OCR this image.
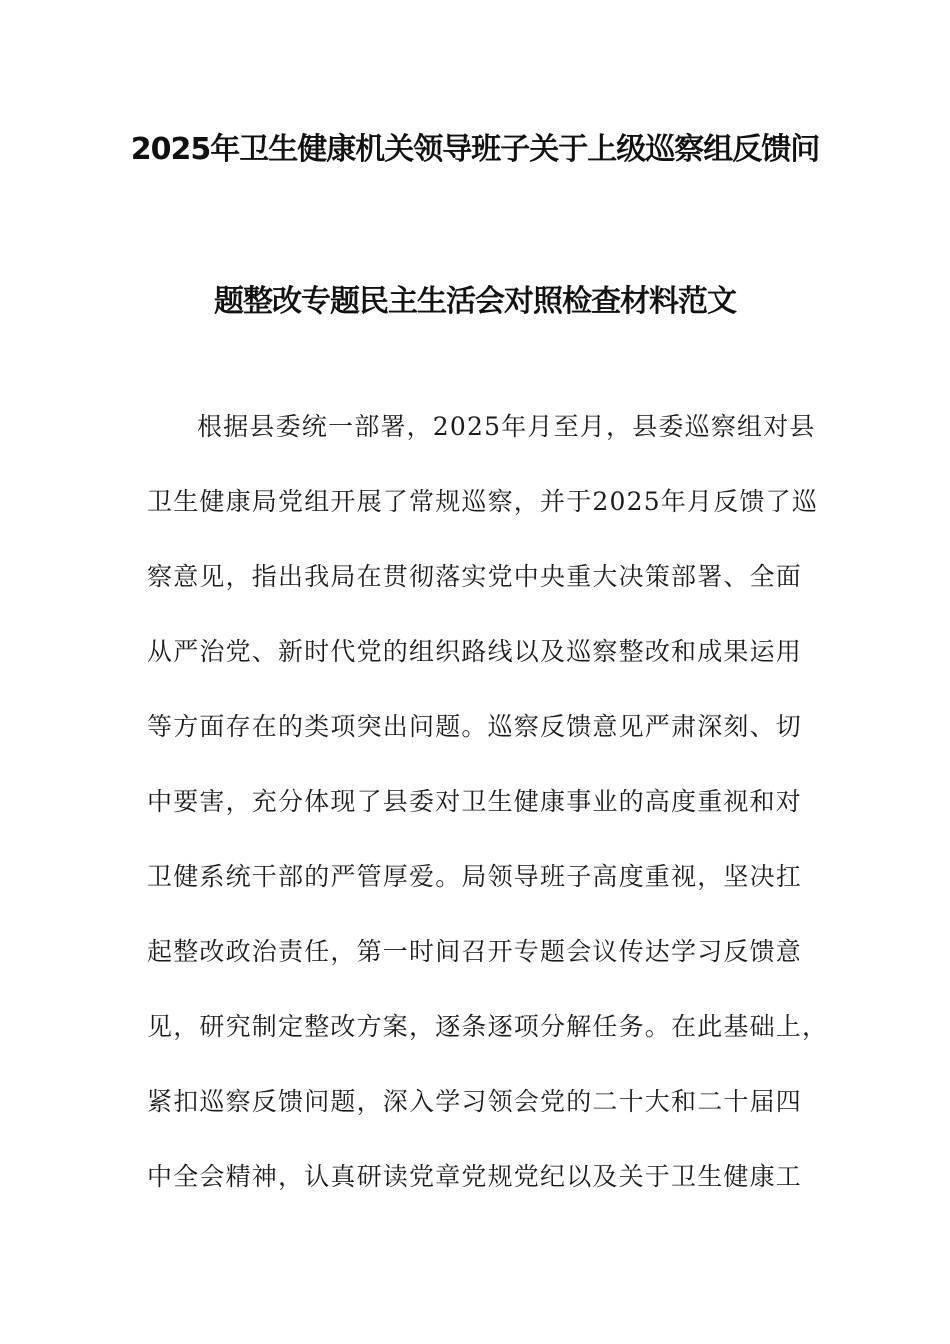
2025年卫生健康机关领导班子关于上级巡察组反馈问
题整改专题民主生活会对照检查材料范文
根据县委统一部署，2025年月至月，县委巡察组对县
卫生健康局党组开展了常规巡察，并于2025年月反馈了巡
察意见，指出我局在贯彻落实党中央重大决策部署、全面
从严治党、新时代党的组织路线以及巡察整改和成果运用
等方面存在的类项突出问题。巡察反馈意见严肃深刻、切
中要害，充分体现了县委对卫生健康事业的高度重视和对
卫健系统干部的严管厚爱。局领导班子高度重视，坚决扛
起整改政治责任，第一时间召开专题会议传达学习反馈意
见，研究制定整改方案，逐条逐项分解任务。在此基础上，
紧扣巡察反馈问题，深入学习领会党的二十大和二十届四
中全会精神，认真研读党章党规党纪以及关于卫生健康工
